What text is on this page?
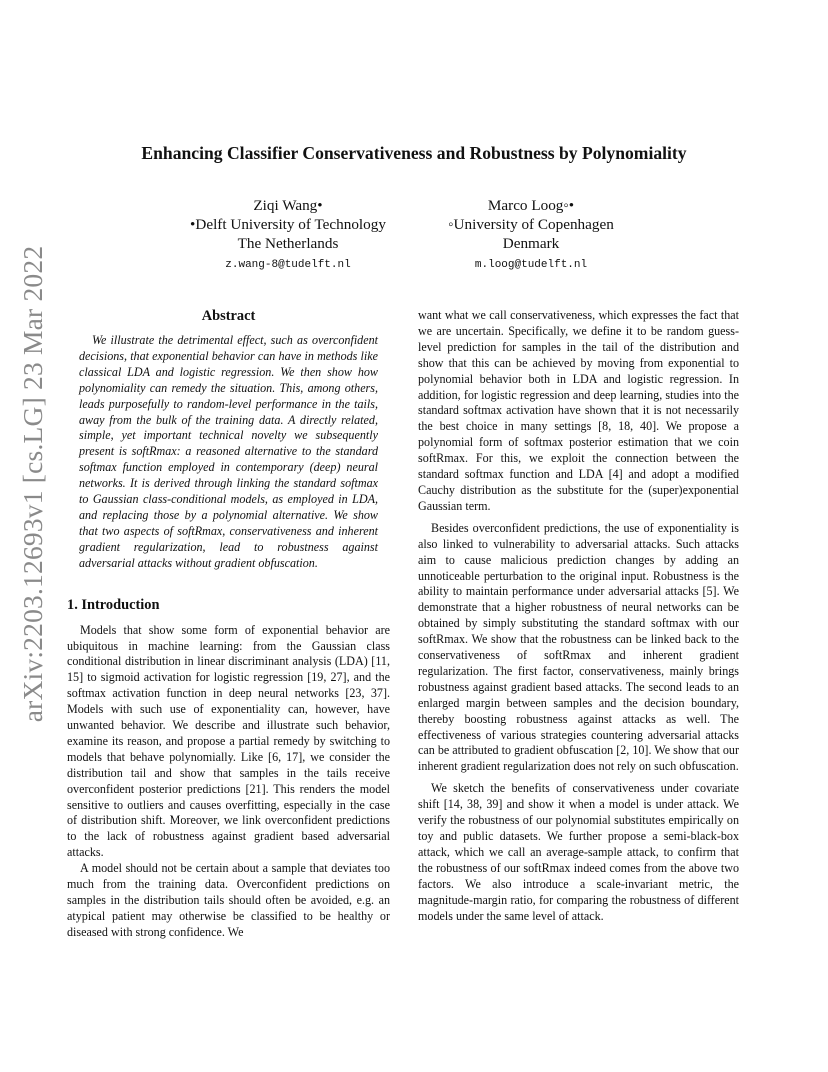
arXiv:2203.12693v1 [cs.LG] 23 Mar 2022
Enhancing Classifier Conservativeness and Robustness by Polynomiality
Ziqi Wang•
•Delft University of Technology
The Netherlands
z.wang-8@tudelft.nl
Marco Loog◦•
◦University of Copenhagen
Denmark
m.loog@tudelft.nl
Abstract

We illustrate the detrimental effect, such as overconfident decisions, that exponential behavior can have in methods like classical LDA and logistic regression. We then show how polynomiality can remedy the situation. This, among others, leads purposefully to random-level performance in the tails, away from the bulk of the training data. A directly related, simple, yet important technical novelty we subsequently present is softRmax: a reasoned alternative to the standard softmax function employed in contemporary (deep) neural networks. It is derived through linking the standard softmax to Gaussian class-conditional models, as employed in LDA, and replacing those by a polynomial alternative. We show that two aspects of softRmax, conservativeness and inherent gradient regularization, lead to robustness against adversarial attacks without gradient obfuscation.

1. Introduction

Models that show some form of exponential behavior are ubiquitous in machine learning: from the Gaussian class conditional distribution in linear discriminant analysis (LDA) [11, 15] to sigmoid activation for logistic regression [19, 27], and the softmax activation function in deep neural networks [23, 37]. Models with such use of exponentiality can, however, have unwanted behavior. We describe and illustrate such behavior, examine its reason, and propose a partial remedy by switching to models that behave polynomially. Like [6, 17], we consider the distribution tail and show that samples in the tails receive overconfident posterior predictions [21]. This renders the model sensitive to outliers and causes overfitting, especially in the case of distribution shift. Moreover, we link overconfident predictions to the lack of robustness against gradient based adversarial attacks.

A model should not be certain about a sample that deviates too much from the training data. Overconfident predictions on samples in the distribution tails should often be avoided, e.g. an atypical patient may otherwise be classified to be healthy or diseased with strong confidence. We

want what we call conservativeness, which expresses the fact that we are uncertain. Specifically, we define it to be random guess-level prediction for samples in the tail of the distribution and show that this can be achieved by moving from exponential to polynomial behavior both in LDA and logistic regression. In addition, for logistic regression and deep learning, studies into the standard softmax activation have shown that it is not necessarily the best choice in many settings [8, 18, 40]. We propose a polynomial form of softmax posterior estimation that we coin softRmax. For this, we exploit the connection between the standard softmax function and LDA [4] and adopt a modified Cauchy distribution as the substitute for the (super)exponential Gaussian term.

Besides overconfident predictions, the use of exponentiality is also linked to vulnerability to adversarial attacks. Such attacks aim to cause malicious prediction changes by adding an unnoticeable perturbation to the original input. Robustness is the ability to maintain performance under adversarial attacks [5]. We demonstrate that a higher robustness of neural networks can be obtained by simply substituting the standard softmax with our softRmax. We show that the robustness can be linked back to the conservativeness of softRmax and inherent gradient regularization. The first factor, conservativeness, mainly brings robustness against gradient based attacks. The second leads to an enlarged margin between samples and the decision boundary, thereby boosting robustness against attacks as well. The effectiveness of various strategies countering adversarial attacks can be attributed to gradient obfuscation [2, 10]. We show that our inherent gradient regularization does not rely on such obfuscation.

We sketch the benefits of conservativeness under covariate shift [14, 38, 39] and show it when a model is under attack. We verify the robustness of our polynomial substitutes empirically on toy and public datasets. We further propose a semi-black-box attack, which we call an average-sample attack, to confirm that the robustness of our softRmax indeed comes from the above two factors. We also introduce a scale-invariant metric, the magnitude-margin ratio, for comparing the robustness of different models under the same level of attack.
